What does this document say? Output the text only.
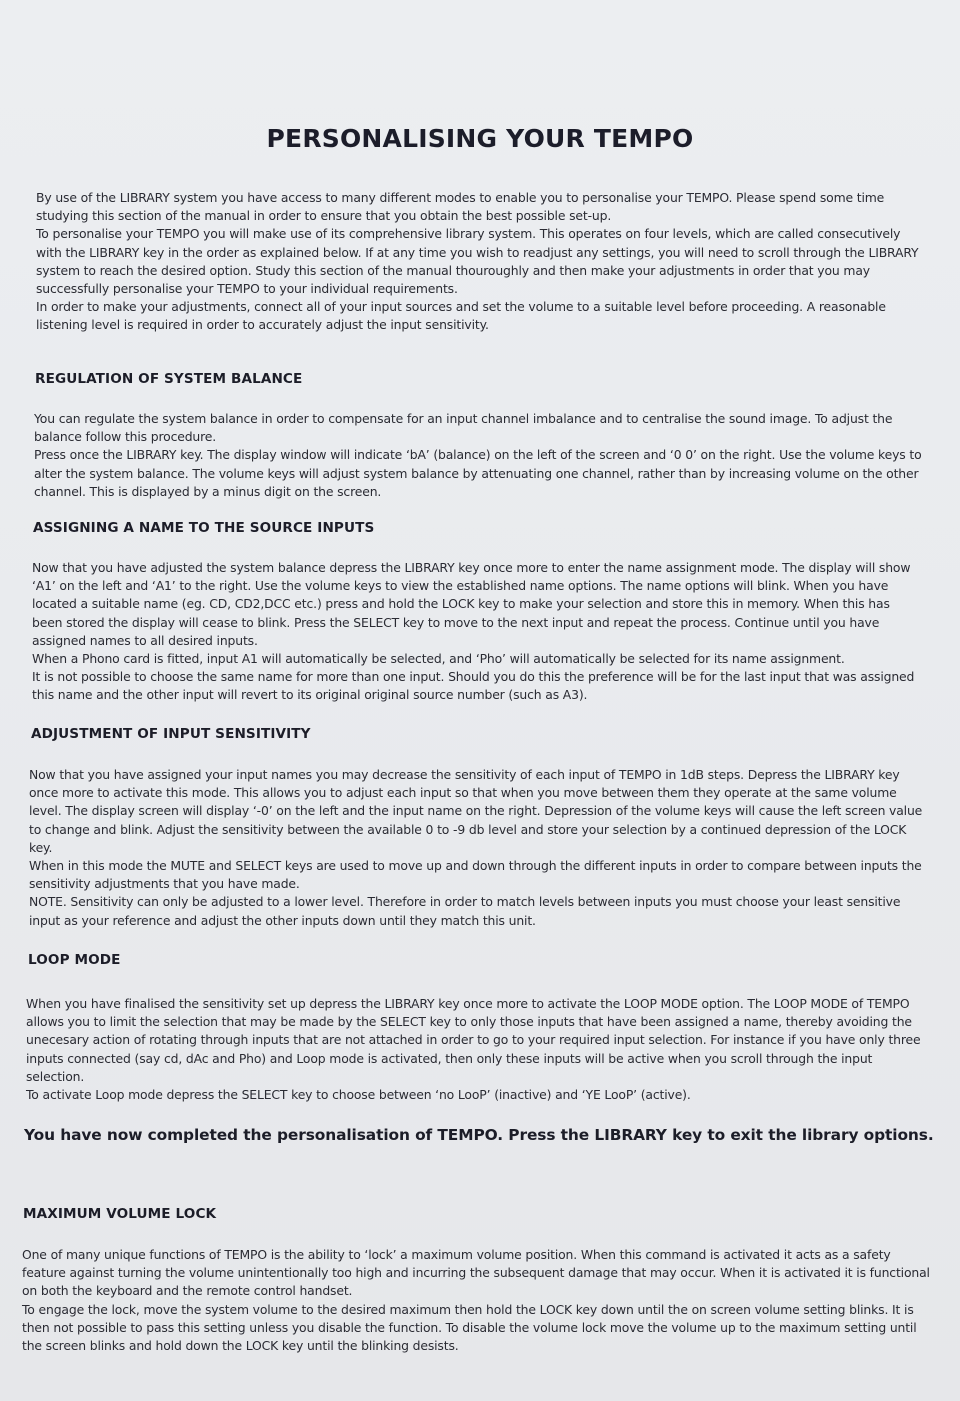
PERSONALISING YOUR TEMPO

By use of the LIBRARY system you have access to many different modes to enable you to personalise your TEMPO. Please spend some time studying this section of the manual in order to ensure that you obtain the best possible set-up.

To personalise your TEMPO you will make use of its comprehensive library system. This operates on four levels, which are called consecutively with the LIBRARY key in the order as explained below. If at any time you wish to readjust any settings, you will need to scroll through the LIBRARY system to reach the desired option. Study this section of the manual thouroughly and then make your adjustments in order that you may successfully personalise your TEMPO to your individual requirements.

In order to make your adjustments, connect all of your input sources and set the volume to a suitable level before proceeding. A reasonable listening level is required in order to accurately adjust the input sensitivity.

REGULATION OF SYSTEM BALANCE

You can regulate the system balance in order to compensate for an input channel imbalance and to centralise the sound image. To adjust the balance follow this procedure.

Press once the LIBRARY key. The display window will indicate ‘bA’ (balance) on the left of the screen and ‘0 0’ on the right. Use the volume keys to alter the system balance. The volume keys will adjust system balance by attenuating one channel, rather than by increasing volume on the other channel. This is displayed by a minus digit on the screen.

ASSIGNING A NAME TO THE SOURCE INPUTS

Now that you have adjusted the system balance depress the LIBRARY key once more to enter the name assignment mode. The display will show ‘A1’ on the left and ‘A1’ to the right. Use the volume keys to view the established name options. The name options will blink. When you have located a suitable name (eg. CD, CD2,DCC etc.) press and hold the LOCK key to make your selection and store this in memory. When this has been stored the display will cease to blink. Press the SELECT key to move to the next input and repeat the process. Continue until you have assigned names to all desired inputs.

When a Phono card is fitted, input A1 will automatically be selected, and ‘Pho’ will automatically be selected for its name assignment.

It is not possible to choose the same name for more than one input. Should you do this the preference will be for the last input that was assigned this name and the other input will revert to its original original source number (such as A3).

ADJUSTMENT OF INPUT SENSITIVITY

Now that you have assigned your input names you may decrease the sensitivity of each input of TEMPO in 1dB steps. Depress the LIBRARY key once more to activate this mode. This allows you to adjust each input so that when you move between them they operate at the same volume level. The display screen will display ‘-0’ on the left and the input name on the right. Depression of the volume keys will cause the left screen value to change and blink. Adjust the sensitivity between the available 0 to -9 db level and store your selection by a continued depression of the LOCK key.

When in this mode the MUTE and SELECT keys are used to move up and down through the different inputs in order to compare between inputs the sensitivity adjustments that you have made.

NOTE. Sensitivity can only be adjusted to a lower level. Therefore in order to match levels between inputs you must choose your least sensitive input as your reference and adjust the other inputs down until they match this unit.

LOOP MODE

When you have finalised the sensitivity set up depress the LIBRARY key once more to activate the LOOP MODE option. The LOOP MODE of TEMPO allows you to limit the selection that may be made by the SELECT key to only those inputs that have been assigned a name, thereby avoiding the unecesary action of rotating through inputs that are not attached in order to go to your required input selection. For instance if you have only three inputs connected (say cd, dAc and Pho) and Loop mode is activated, then only these inputs will be active when you scroll through the input selection.

To activate Loop mode depress the SELECT key to choose between ‘no LooP’ (inactive) and ‘YE LooP’ (active).

You have now completed the personalisation of TEMPO. Press the LIBRARY key to exit the library options.

MAXIMUM VOLUME LOCK

One of many unique functions of TEMPO is the ability to ‘lock’ a maximum volume position. When this command is activated it acts as a safety feature against turning the volume unintentionally too high and incurring the subsequent damage that may occur. When it is activated it is functional on both the keyboard and the remote control handset.

To engage the lock, move the system volume to the desired maximum then hold the LOCK key down until the on screen volume setting blinks. It is then not possible to pass this setting unless you disable the function. To disable the volume lock move the volume up to the maximum setting until the screen blinks and hold down the LOCK key until the blinking desists.
